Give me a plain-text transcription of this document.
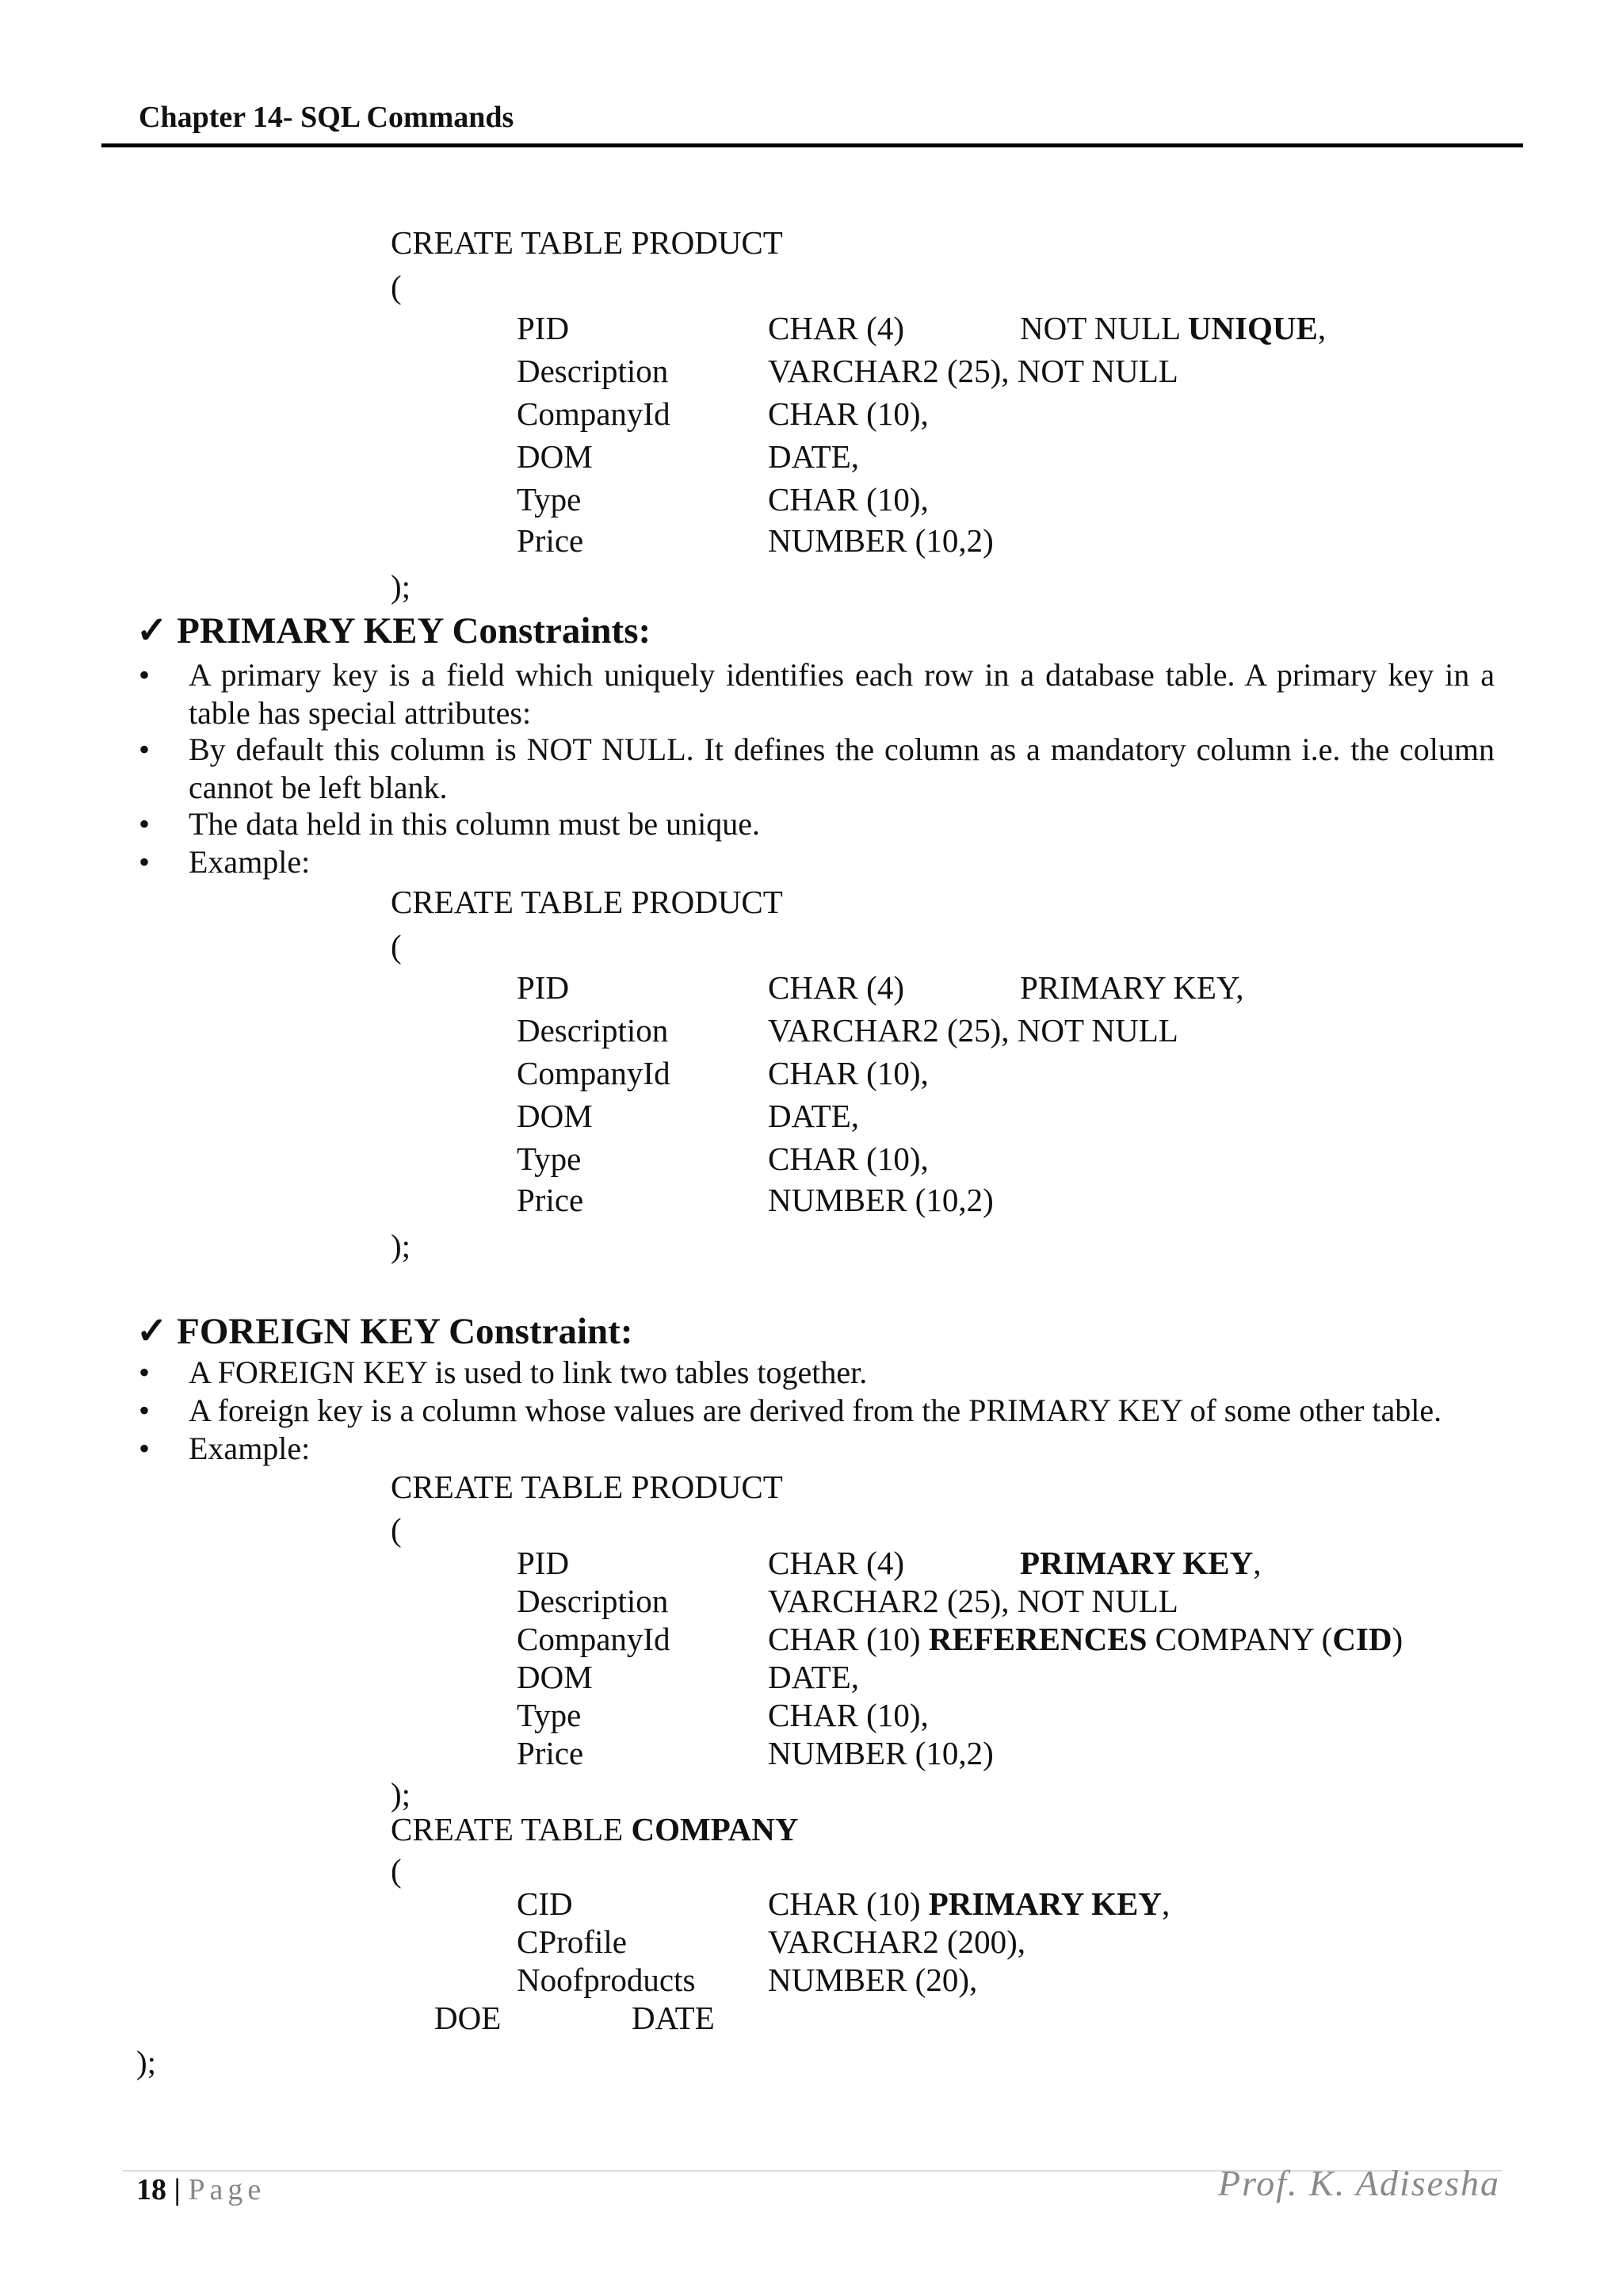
Chapter 14- SQL Commands
CREATE TABLE PRODUCT
(
PID	CHAR (4)	NOT NULL UNIQUE,
Description	VARCHAR2 (25), NOT NULL
CompanyId	CHAR (10),
DOM	DATE,
Type	CHAR (10),
Price	NUMBER (10,2)
);
✓ PRIMARY KEY Constraints:
• A primary key is a field which uniquely identifies each row in a database table. A primary key in a table has special attributes:
• By default this column is NOT NULL. It defines the column as a mandatory column i.e. the column cannot be left blank.
• The data held in this column must be unique.
• Example:
CREATE TABLE PRODUCT
(
PID	CHAR (4)	PRIMARY KEY,
Description	VARCHAR2 (25), NOT NULL
CompanyId	CHAR (10),
DOM	DATE,
Type	CHAR (10),
Price	NUMBER (10,2)
);
✓ FOREIGN KEY Constraint:
• A FOREIGN KEY is used to link two tables together.
• A foreign key is a column whose values are derived from the PRIMARY KEY of some other table.
• Example:
CREATE TABLE PRODUCT
(
PID	CHAR (4)	PRIMARY KEY,
Description	VARCHAR2 (25), NOT NULL
CompanyId	CHAR (10) REFERENCES COMPANY (CID)
DOM	DATE,
Type	CHAR (10),
Price	NUMBER (10,2)
);
CREATE TABLE COMPANY
(
CID	CHAR (10) PRIMARY KEY,
CProfile	VARCHAR2 (200),
Noofproducts NUMBER (20),
DOE	DATE
);
18 | Page	Prof. K. Adisesha
